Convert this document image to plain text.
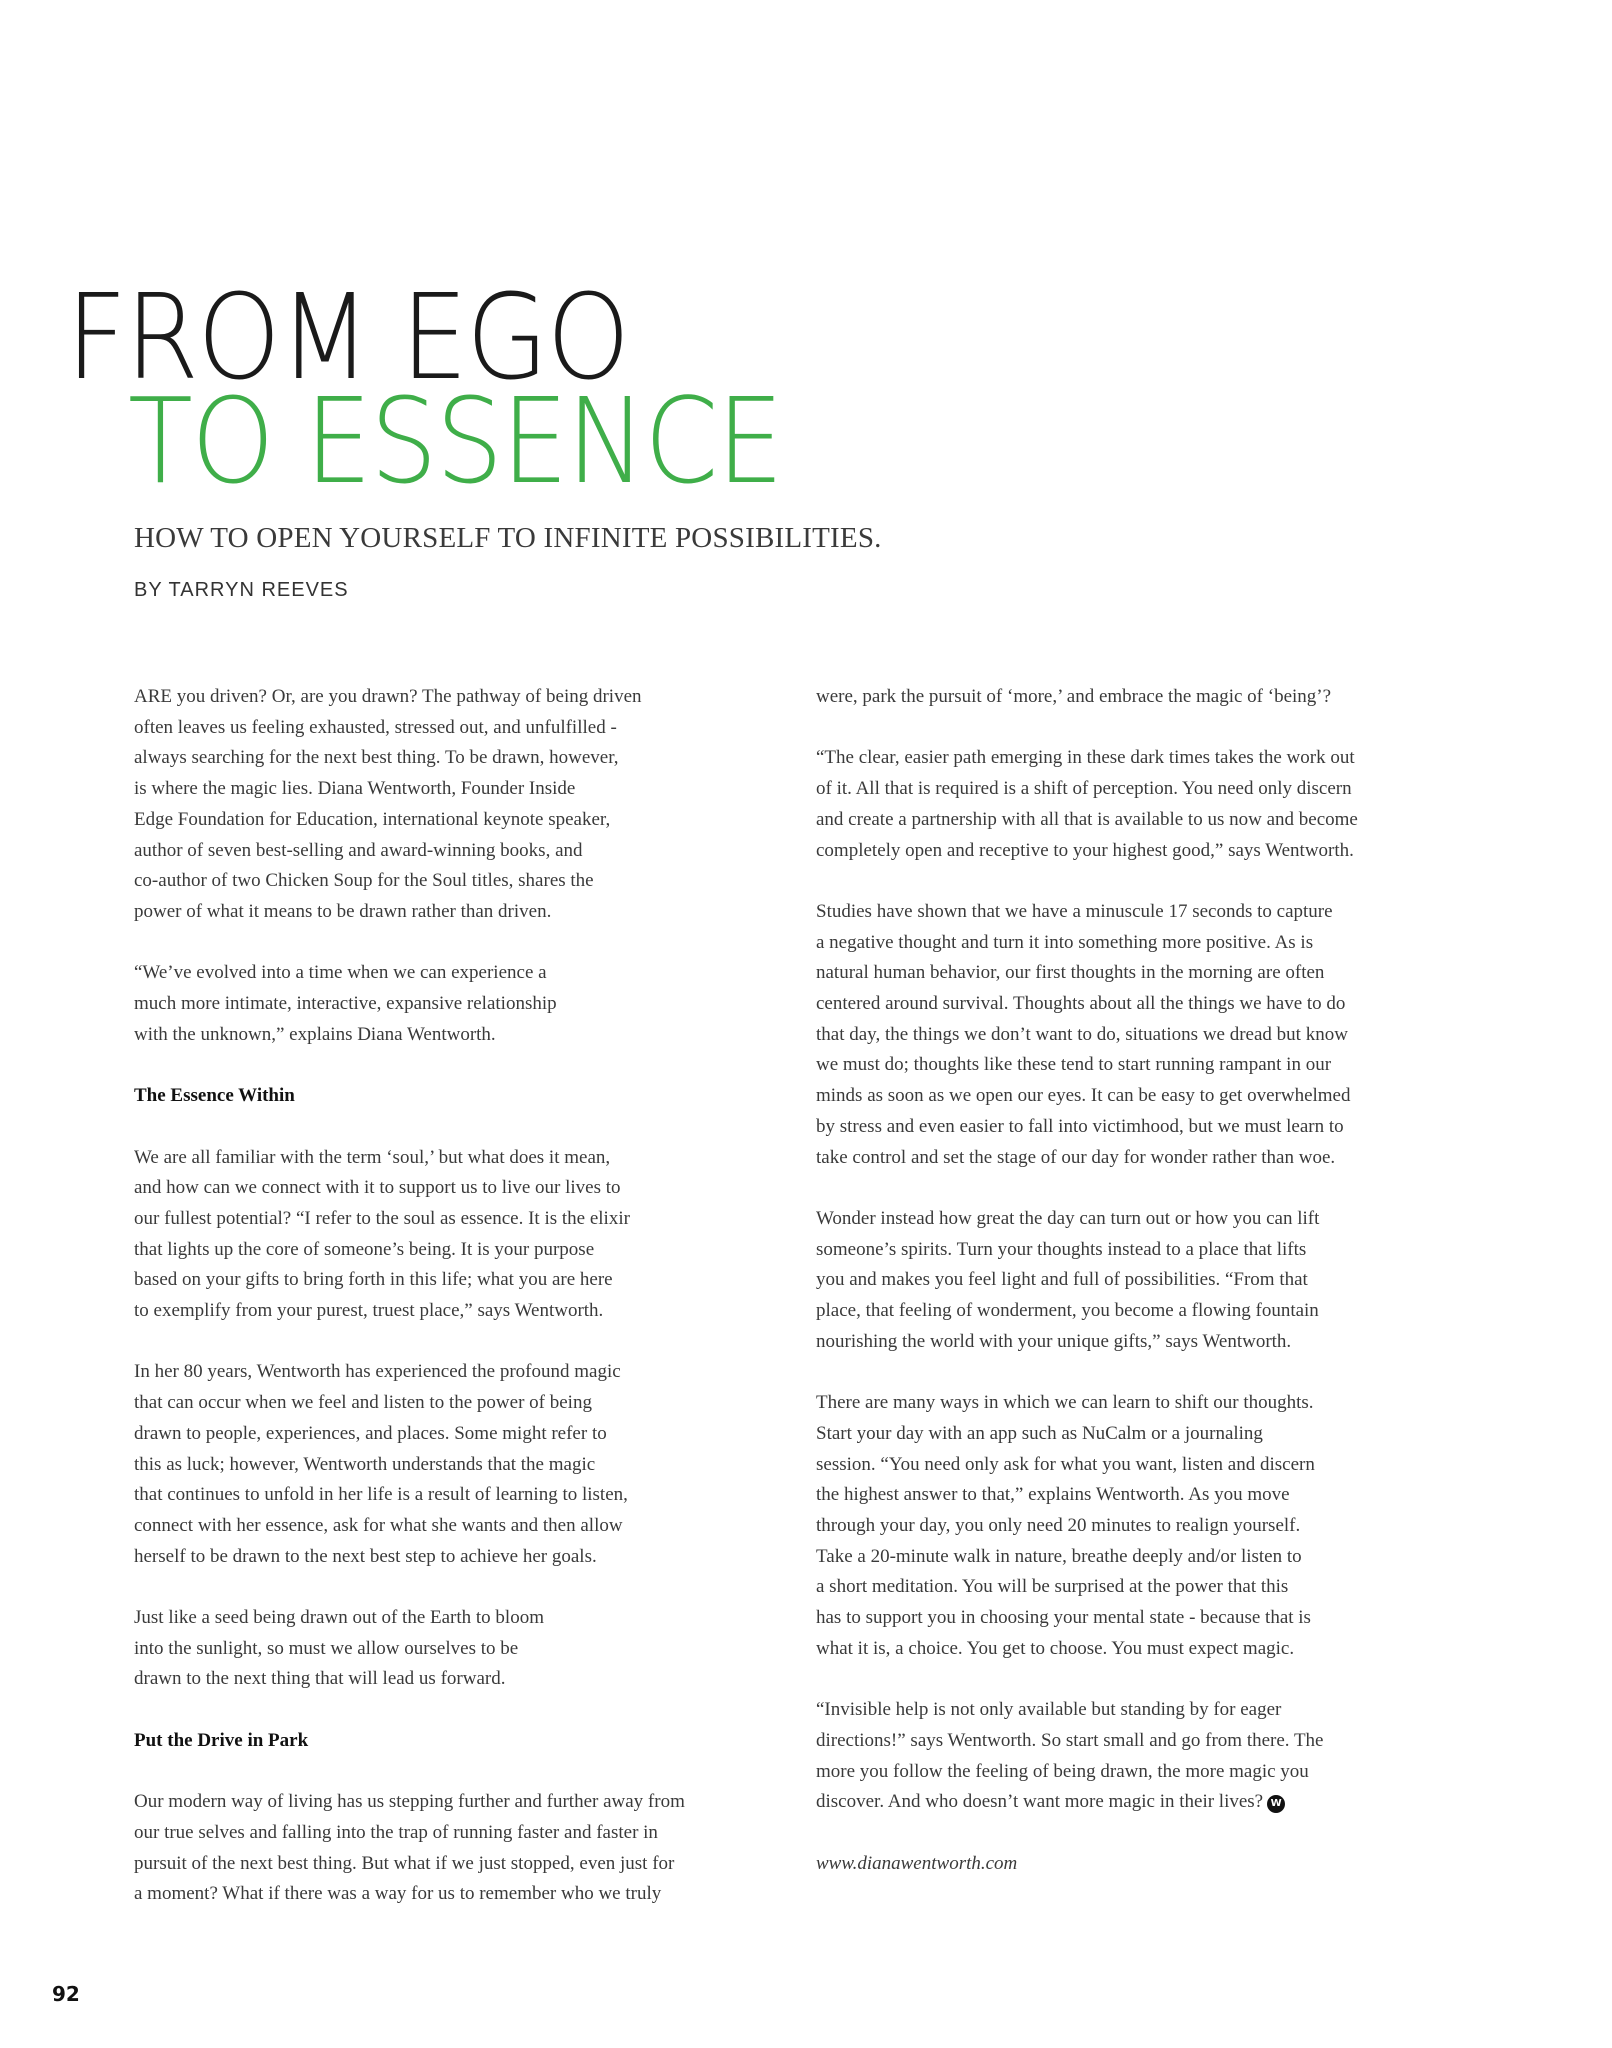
FROM EGO
TO ESSENCE
HOW TO OPEN YOURSELF TO INFINITE POSSIBILITIES.
BY TARRYN REEVES

ARE you driven? Or, are you drawn? The pathway of being driven
often leaves us feeling exhausted, stressed out, and unfulfilled -
always searching for the next best thing. To be drawn, however,
is where the magic lies. Diana Wentworth, Founder Inside
Edge Foundation for Education, international keynote speaker,
author of seven best-selling and award-winning books, and
co-author of two Chicken Soup for the Soul titles, shares the
power of what it means to be drawn rather than driven.

“We’ve evolved into a time when we can experience a
much more intimate, interactive, expansive relationship
with the unknown,” explains Diana Wentworth.

The Essence Within

We are all familiar with the term ‘soul,’ but what does it mean,
and how can we connect with it to support us to live our lives to
our fullest potential? “I refer to the soul as essence. It is the elixir
that lights up the core of someone’s being. It is your purpose
based on your gifts to bring forth in this life; what you are here
to exemplify from your purest, truest place,” says Wentworth.

In her 80 years, Wentworth has experienced the profound magic
that can occur when we feel and listen to the power of being
drawn to people, experiences, and places. Some might refer to
this as luck; however, Wentworth understands that the magic
that continues to unfold in her life is a result of learning to listen,
connect with her essence, ask for what she wants and then allow
herself to be drawn to the next best step to achieve her goals.

Just like a seed being drawn out of the Earth to bloom
into the sunlight, so must we allow ourselves to be
drawn to the next thing that will lead us forward.

Put the Drive in Park

Our modern way of living has us stepping further and further away from
our true selves and falling into the trap of running faster and faster in
pursuit of the next best thing. But what if we just stopped, even just for
a moment? What if there was a way for us to remember who we truly

were, park the pursuit of ‘more,’ and embrace the magic of ‘being’?

“The clear, easier path emerging in these dark times takes the work out
of it. All that is required is a shift of perception. You need only discern
and create a partnership with all that is available to us now and become
completely open and receptive to your highest good,” says Wentworth.

Studies have shown that we have a minuscule 17 seconds to capture
a negative thought and turn it into something more positive. As is
natural human behavior, our first thoughts in the morning are often
centered around survival. Thoughts about all the things we have to do
that day, the things we don’t want to do, situations we dread but know
we must do; thoughts like these tend to start running rampant in our
minds as soon as we open our eyes. It can be easy to get overwhelmed
by stress and even easier to fall into victimhood, but we must learn to
take control and set the stage of our day for wonder rather than woe.

Wonder instead how great the day can turn out or how you can lift
someone’s spirits. Turn your thoughts instead to a place that lifts
you and makes you feel light and full of possibilities. “From that
place, that feeling of wonderment, you become a flowing fountain
nourishing the world with your unique gifts,” says Wentworth.

There are many ways in which we can learn to shift our thoughts.
Start your day with an app such as NuCalm or a journaling
session. “You need only ask for what you want, listen and discern
the highest answer to that,” explains Wentworth. As you move
through your day, you only need 20 minutes to realign yourself.
Take a 20-minute walk in nature, breathe deeply and/or listen to
a short meditation. You will be surprised at the power that this
has to support you in choosing your mental state - because that is
what it is, a choice. You get to choose. You must expect magic.

“Invisible help is not only available but standing by for eager
directions!” says Wentworth. So start small and go from there. The
more you follow the feeling of being drawn, the more magic you
discover. And who doesn’t want more magic in their lives? W

www.dianawentworth.com

92
